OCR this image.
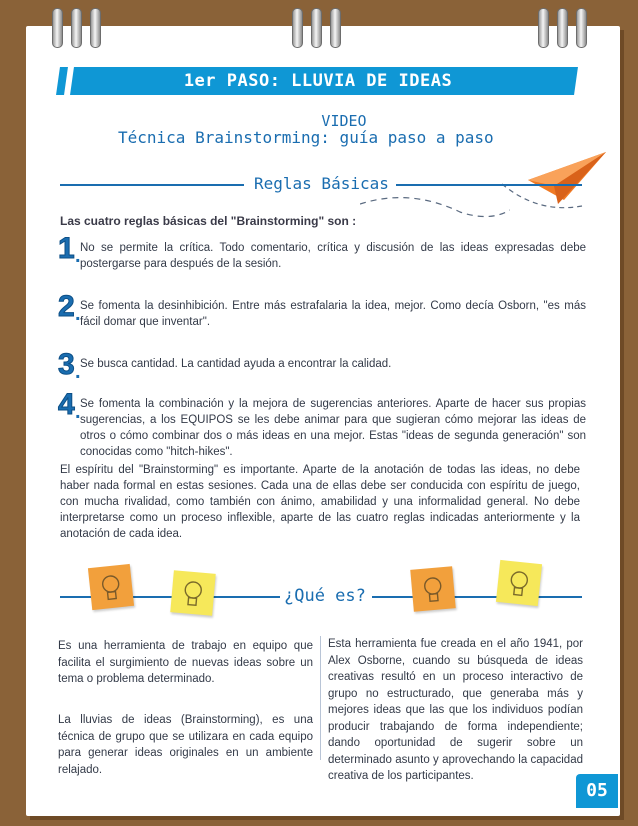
1er PASO: LLUVIA DE IDEAS
VIDEO
Técnica Brainstorming: guía paso a paso
Reglas Básicas
Las cuatro reglas básicas del "Brainstorming" son :
1 . No se permite la crítica. Todo comentario, crítica y discusión de las ideas expresadas debe postergarse para después de la sesión.
2 . Se fomenta la desinhibición. Entre más estrafalaria la idea, mejor. Como decía Osborn, "es más fácil domar que inventar".
3 . Se busca cantidad. La cantidad ayuda a encontrar la calidad.
4 . Se fomenta la combinación y la mejora de sugerencias anteriores. Aparte de hacer sus propias sugerencias, a los EQUIPOS se les debe animar para que sugieran cómo mejorar las ideas de otros o cómo combinar dos o más ideas en una mejor. Estas "ideas de segunda generación" son conocidas como "hitch-hikes".
El espíritu del "Brainstorming" es importante. Aparte de la anotación de todas las ideas, no debe haber nada formal en estas sesiones. Cada una de ellas debe ser conducida con espíritu de juego, con mucha rivalidad, como también con ánimo, amabilidad y una informalidad general. No debe interpretarse como un proceso inflexible, aparte de las cuatro reglas indicadas anteriormente y la anotación de cada idea.
¿Qué es?
Es una herramienta de trabajo en equipo que facilita el surgimiento de nuevas ideas sobre un tema o problema determinado.
La lluvias de ideas (Brainstorming), es una técnica de grupo que se utilizara en cada equipo para generar ideas originales en un ambiente relajado.
Esta herramienta fue creada en el año 1941, por Alex Osborne, cuando su búsqueda de ideas creativas resultó en un proceso interactivo de grupo no estructurado, que generaba más y mejores ideas que las que los individuos podían producir trabajando de forma independiente; dando oportunidad de sugerir sobre un determinado asunto y aprovechando la capacidad creativa de los participantes.
05
